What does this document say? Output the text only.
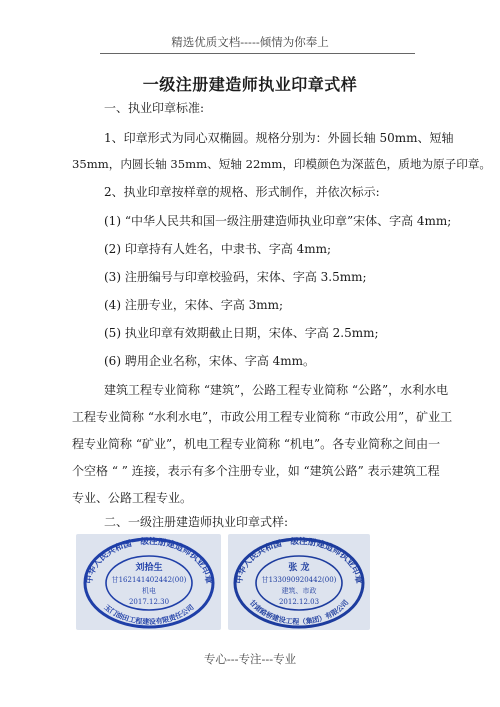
精选优质文档-----倾情为你奉上
一级注册建造师执业印章式样
一、执业印章标准:
1、印章形式为同心双椭圆。规格分别为：外圆长轴 50mm、短轴
35mm，内圆长轴 35mm、短轴 22mm，印模颜色为深蓝色，质地为原子印章。
2、执业印章按样章的规格、形式制作，并依次标示:
(1) “中华人民共和国一级注册建造师执业印章”宋体、字高 4mm;
(2) 印章持有人姓名，中隶书、字高 4mm;
(3) 注册编号与印章校验码，宋体、字高 3.5mm;
(4) 注册专业，宋体、字高 3mm;
(5) 执业印章有效期截止日期，宋体、字高 2.5mm;
(6) 聘用企业名称，宋体、字高 4mm。
建筑工程专业简称 “建筑”，公路工程专业简称 “公路”，水利水电
工程专业简称 “水利水电”，市政公用工程专业简称 “市政公用”，矿业工
程专业简称 “矿业”，机电工程专业简称 “机电”。各专业简称之间由一
个空格 “ ” 连接，表示有多个注册专业，如 “建筑公路” 表示建筑工程
专业、公路工程专业。
二、一级注册建造师执业印章式样:
中华人民共和国一级注册建造师执业印章
玉门油田工程建设有限责任公司
刘拾生
甘162141402442(00)
机电
2017.12.30
中华人民共和国一级注册建造师执业印章
甘肃路桥建设工程（集团）有限公司
张 龙
甘133090920442(00)
建筑、市政
2012.12.03
专心---专注---专业
